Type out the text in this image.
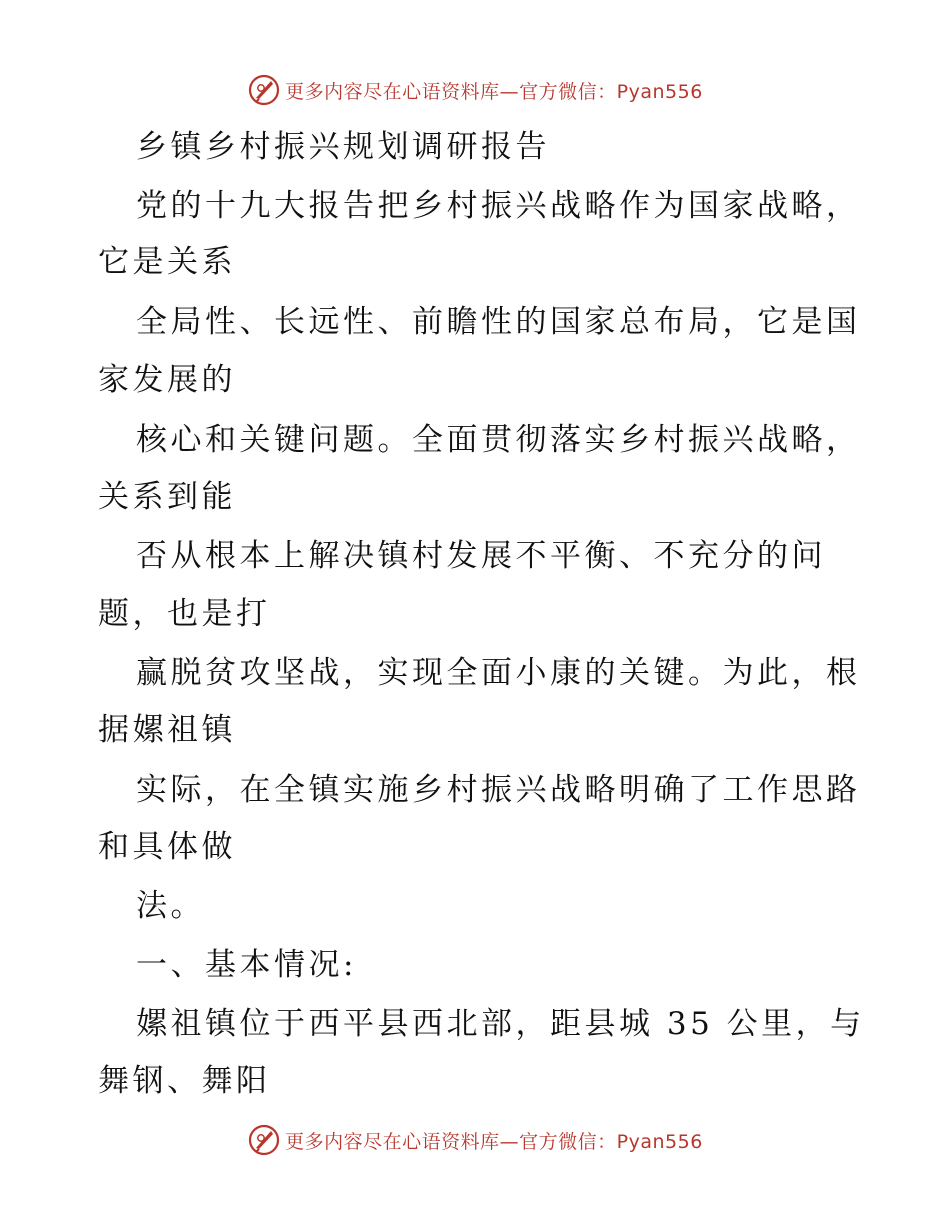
更多内容尽在心语资料库—官方微信：Pyan556
乡镇乡村振兴规划调研报告
党的十九大报告把乡村振兴战略作为国家战略，
它是关系
全局性、长远性、前瞻性的国家总布局，它是国
家发展的
核心和关键问题。全面贯彻落实乡村振兴战略，
关系到能
否从根本上解决镇村发展不平衡、不充分的问
题，也是打
赢脱贫攻坚战，实现全面小康的关键。为此，根
据嫘祖镇
实际，在全镇实施乡村振兴战略明确了工作思路
和具体做
法。
一、基本情况:
嫘祖镇位于西平县西北部，距县城 35 公里，与
舞钢、舞阳
更多内容尽在心语资料库—官方微信：Pyan556
